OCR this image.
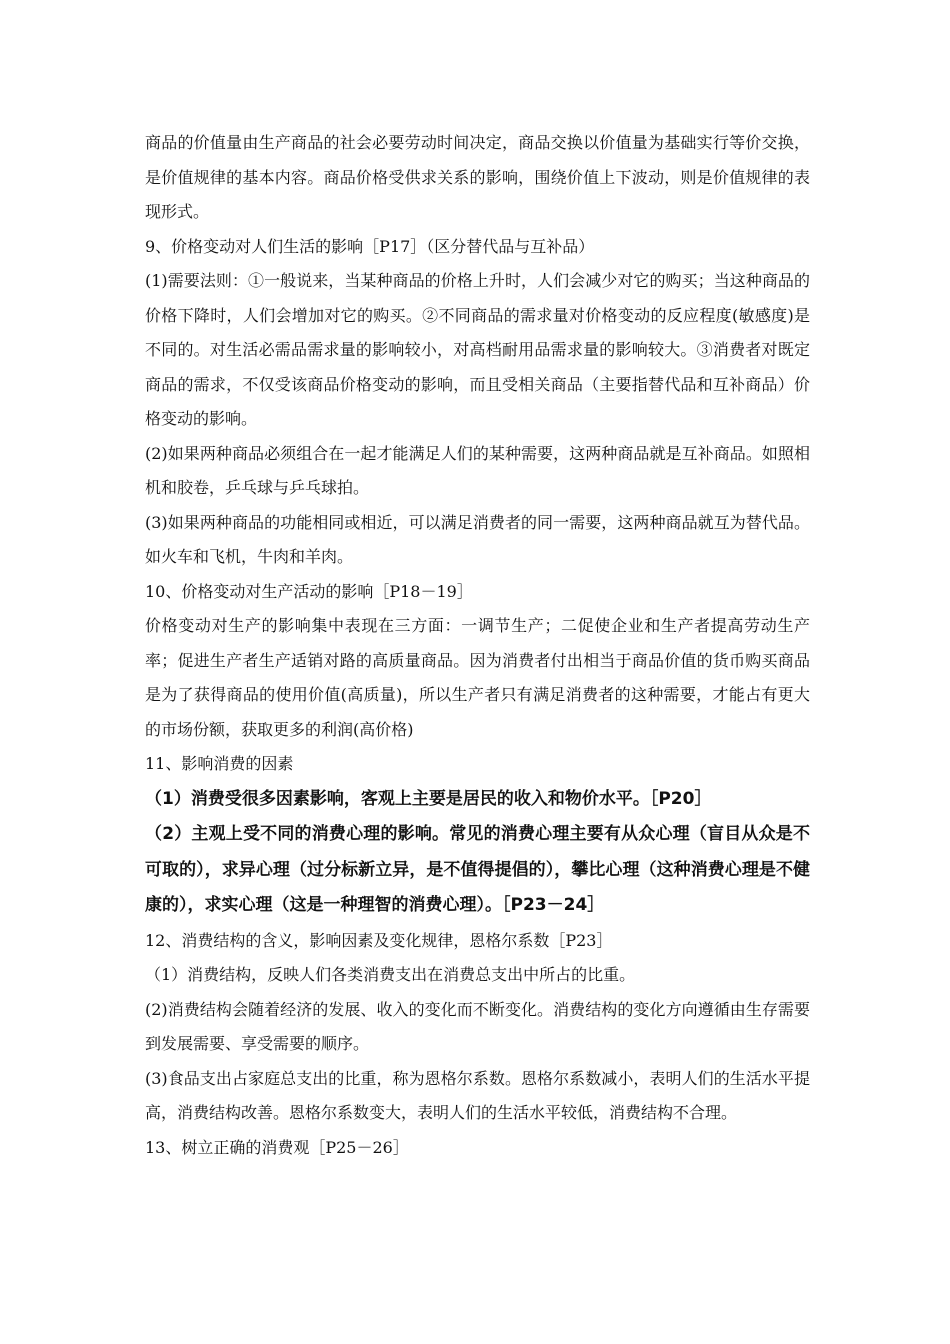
商品的价值量由生产商品的社会必要劳动时间决定，商品交换以价值量为基础实行等价交换，是价值规律的基本内容。商品价格受供求关系的影响，围绕价值上下波动，则是价值规律的表现形式。

9、价格变动对人们生活的影响［P17］（区分替代品与互补品）

(1)需要法则：①一般说来，当某种商品的价格上升时，人们会减少对它的购买；当这种商品的价格下降时，人们会增加对它的购买。②不同商品的需求量对价格变动的反应程度(敏感度)是不同的。对生活必需品需求量的影响较小，对高档耐用品需求量的影响较大。③消费者对既定商品的需求，不仅受该商品价格变动的影响，而且受相关商品（主要指替代品和互补商品）价格变动的影响。

(2)如果两种商品必须组合在一起才能满足人们的某种需要，这两种商品就是互补商品。如照相机和胶卷，乒乓球与乒乓球拍。

(3)如果两种商品的功能相同或相近，可以满足消费者的同一需要，这两种商品就互为替代品。如火车和飞机，牛肉和羊肉。

10、价格变动对生产活动的影响［P18－19］

价格变动对生产的影响集中表现在三方面：一调节生产；二促使企业和生产者提高劳动生产率；促进生产者生产适销对路的高质量商品。因为消费者付出相当于商品价值的货币购买商品是为了获得商品的使用价值(高质量)，所以生产者只有满足消费者的这种需要，才能占有更大的市场份额，获取更多的利润(高价格)

11、影响消费的因素

（1）消费受很多因素影响，客观上主要是居民的收入和物价水平。［P20］

（2）主观上受不同的消费心理的影响。常见的消费心理主要有从众心理（盲目从众是不可取的），求异心理（过分标新立异，是不值得提倡的），攀比心理（这种消费心理是不健康的），求实心理（这是一种理智的消费心理）。［P23－24］

12、消费结构的含义，影响因素及变化规律，恩格尔系数［P23］

（1）消费结构，反映人们各类消费支出在消费总支出中所占的比重。

(2)消费结构会随着经济的发展、收入的变化而不断变化。消费结构的变化方向遵循由生存需要到发展需要、享受需要的顺序。

(3)食品支出占家庭总支出的比重，称为恩格尔系数。恩格尔系数减小，表明人们的生活水平提高，消费结构改善。恩格尔系数变大，表明人们的生活水平较低，消费结构不合理。

13、树立正确的消费观［P25－26］
